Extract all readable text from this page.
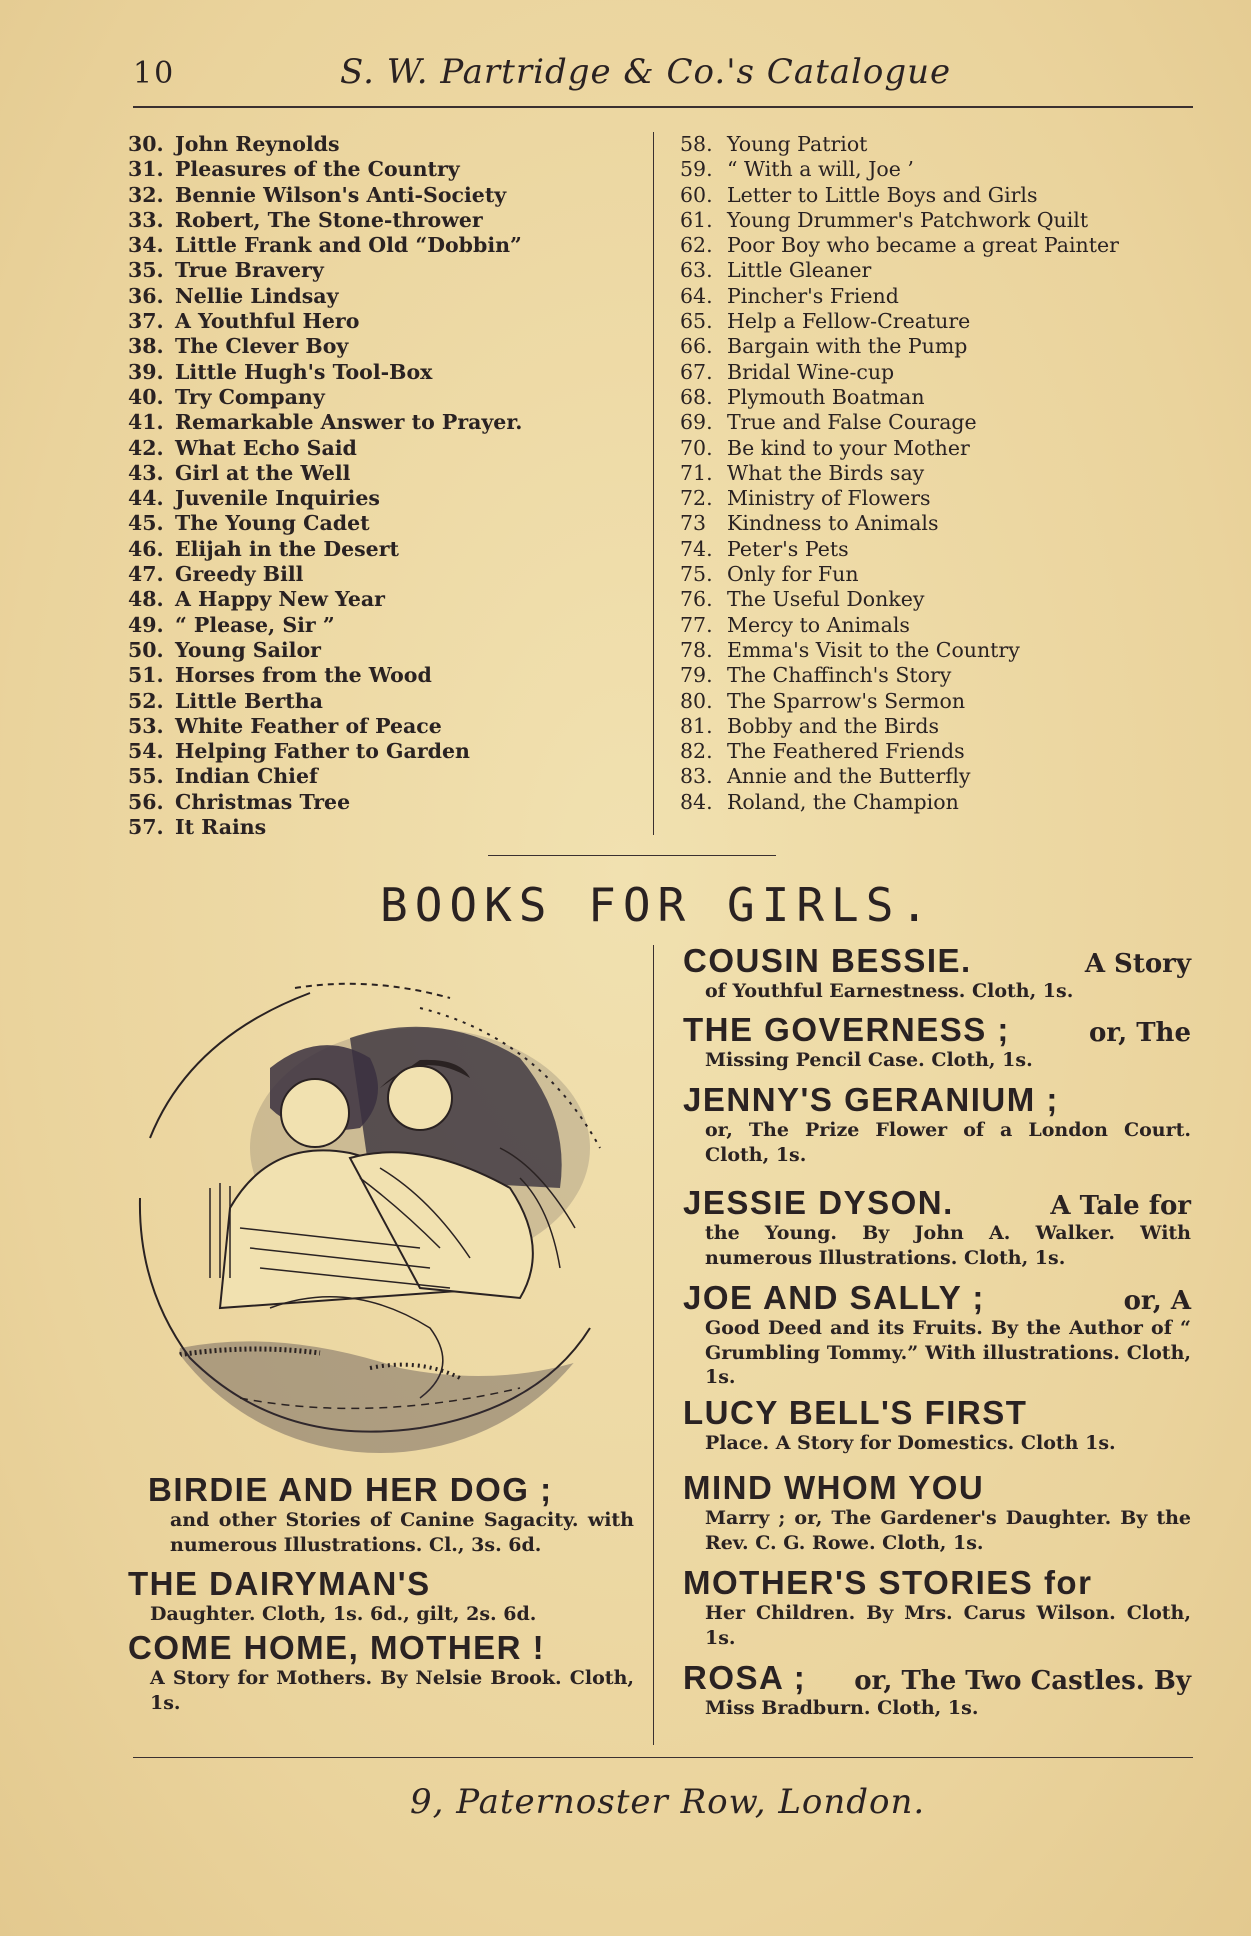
10	S. W. Partridge & Co.'s Catalogue
30. John Reynolds
31. Pleasures of the Country
32. Bennie Wilson's Anti-Society
33. Robert, The Stone-thrower
34. Little Frank and Old “Dobbin”
35. True Bravery
36. Nellie Lindsay
37. A Youthful Hero
38. The Clever Boy
39. Little Hugh's Tool-Box
40. Try Company
41. Remarkable Answer to Prayer.
42. What Echo Said
43. Girl at the Well
44. Juvenile Inquiries
45. The Young Cadet
46. Elijah in the Desert
47. Greedy Bill
48. A Happy New Year
49. “ Please, Sir ”
50. Young Sailor
51. Horses from the Wood
52. Little Bertha
53. White Feather of Peace
54. Helping Father to Garden
55. Indian Chief
56. Christmas Tree
57. It Rains
58. Young Patriot
59. “ With a will, Joe ’
60. Letter to Little Boys and Girls
61. Young Drummer's Patchwork Quilt
62. Poor Boy who became a great Painter
63. Little Gleaner
64. Pincher's Friend
65. Help a Fellow-Creature
66. Bargain with the Pump
67. Bridal Wine-cup
68. Plymouth Boatman
69. True and False Courage
70. Be kind to your Mother
71. What the Birds say
72. Ministry of Flowers
73 Kindness to Animals
74. Peter's Pets
75. Only for Fun
76. The Useful Donkey
77. Mercy to Animals
78. Emma's Visit to the Country
79. The Chaffinch's Story
80. The Sparrow's Sermon
81. Bobby and the Birds
82. The Feathered Friends
83. Annie and the Butterfly
84. Roland, the Champion
BOOKS FOR GIRLS.
BIRDIE AND HER DOG ;
and other Stories of Canine Sagacity. with numerous Illustrations. Cl., 3s. 6d.
THE DAIRYMAN'S
Daughter. Cloth, 1s. 6d., gilt, 2s. 6d.
COME HOME, MOTHER !
A Story for Mothers. By Nelsie Brook. Cloth, 1s.
COUSIN BESSIE.	A Story
of Youthful Earnestness. Cloth, 1s.
THE GOVERNESS ;	or, The
Missing Pencil Case. Cloth, 1s.
JENNY'S GERANIUM ;
or, The Prize Flower of a London Court. Cloth, 1s.
JESSIE DYSON.	A Tale for
the Young. By John A. Walker. With numerous Illustrations. Cloth, 1s.
JOE AND SALLY ;	or, A
Good Deed and its Fruits. By the Author of “ Grumbling Tommy.” With illustrations. Cloth, 1s.
LUCY BELL'S FIRST
Place. A Story for Domestics. Cloth 1s.
MIND WHOM YOU
Marry ; or, The Gardener's Daughter. By the Rev. C. G. Rowe. Cloth, 1s.
MOTHER'S STORIES for
Her Children. By Mrs. Carus Wilson. Cloth, 1s.
ROSA ; or, The Two Castles. By
Miss Bradburn. Cloth, 1s.
9, Paternoster Row, London.
